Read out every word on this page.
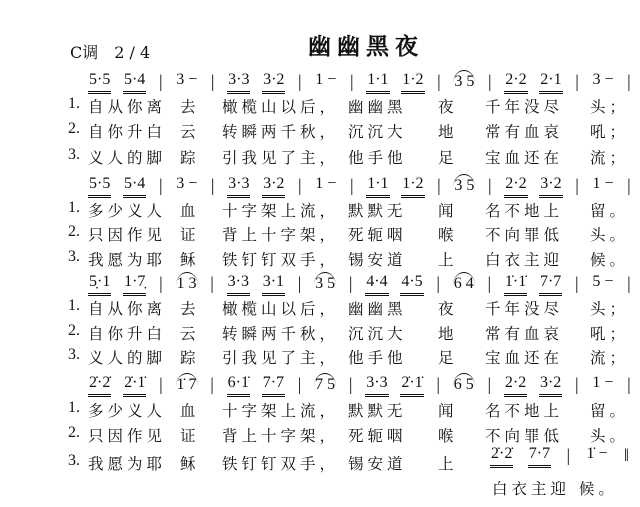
幽幽黑夜
C调　2 / 4
5·5 5·4 | 3 − | 3·3 3·2 | 1 − | 1·1 1·2 | 3 5 | 2·2 2·1 | 3 − |
1. 自从你离 去 橄榄山以后， 幽幽黑 夜 千年没尽 头；
2. 自你升白 云 转瞬两千秋， 沉沉大 地 常有血哀 吼；
3. 义人的脚 踪 引我见了主， 他手他 足 宝血还在 流；
5·5 5·4 | 3 − | 3·3 3·2 | 1 − | 1·1 1·2 | 3 5 | 2·2 3·2 | 1 − |
1. 多少义人 血 十字架上流， 默默无 闻 名不地上 留。
2. 只因作见 证 背上十字架， 死轭咽 喉 不向罪低 头。
3. 我愿为耶 稣 铁钉钉双手， 锡安道 上 白衣主迎 候。
5̣·1 1·7̣ | 1 3 | 3·3 3·1 | 3 5 | 4·4 4·5 | 6 4 | 1̇·1̇ 7·7 | 5 − |
1. 自从你离 去 橄榄山以后， 幽幽黑 夜 千年没尽 头；
2. 自你升白 云 转瞬两千秋， 沉沉大 地 常有血哀 吼；
3. 义人的脚 踪 引我见了主， 他手他 足 宝血还在 流；
2̇·2̇ 2̇·1̇ | 1̇ 7 | 6·1̇ 7·7 | 7 5 | 3·3 2̇·1̇ | 6 5 | 2·2 3·2 | 1 − |
1. 多少义人 血 十字架上流， 默默无 闻 名不地上 留。
2. 只因作见 证 背上十字架， 死轭咽 喉 不向罪低 头。
3. 我愿为耶 稣 铁钉钉双手， 锡安道 上
2̇·2̇ 7·7 | 1̇ − ‖
白衣主迎 候。
